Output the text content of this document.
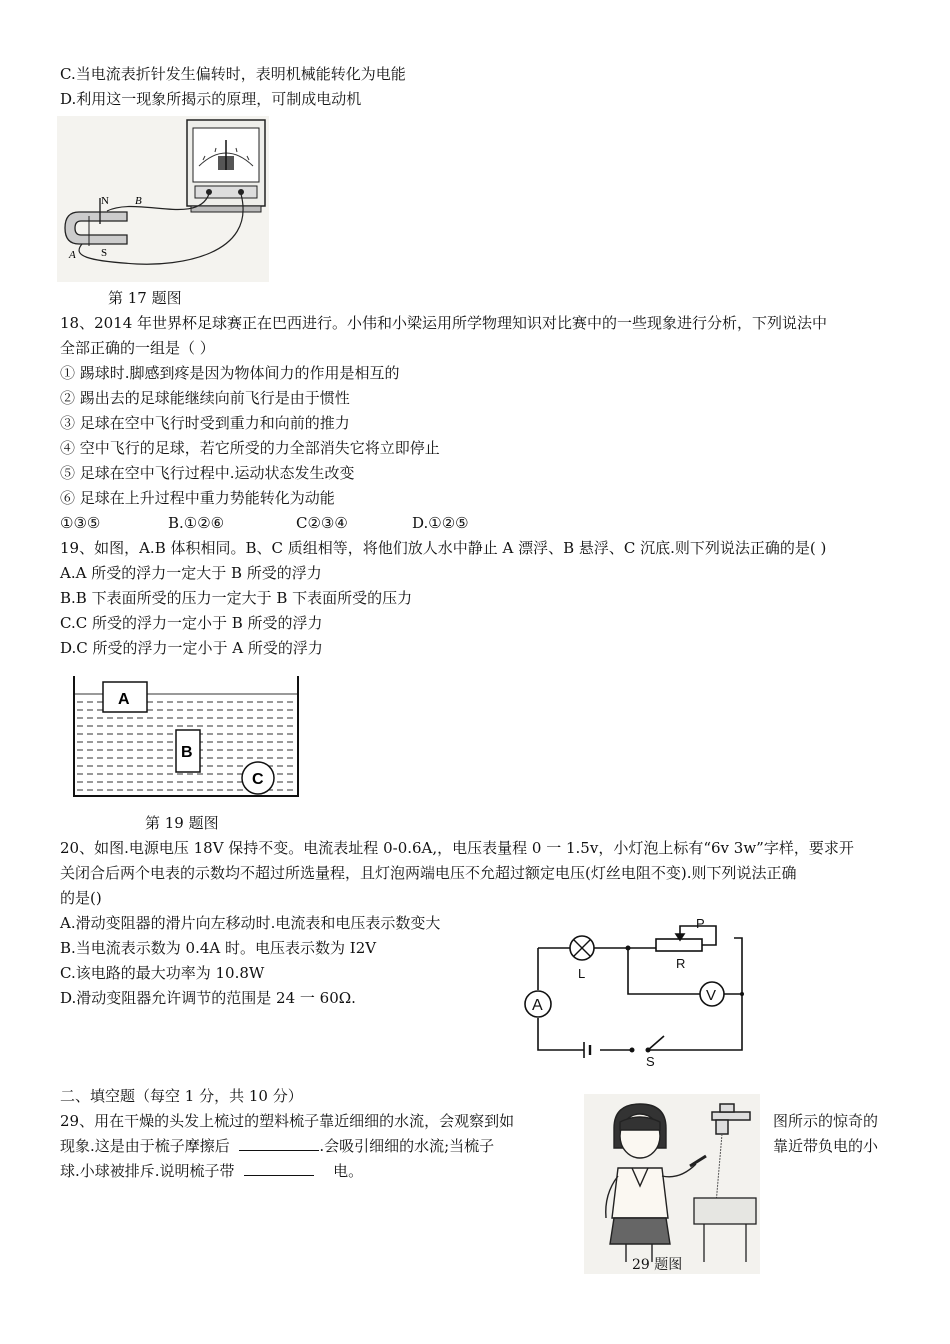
C.当电流表折针发生偏转时，表明机械能转化为电能
D.利用这一现象所揭示的原理，可制成电动机
N B
A S
第 17 题图
18、2014 年世界杯足球赛正在巴西进行。小伟和小梁运用所学物理知识对比赛中的一些现象进行分析，下列说法中
全部正确的一组是（ ）
① 踢球时.脚感到疼是因为物体间力的作用是相互的
② 踢出去的足球能继续向前飞行是由于惯性
③ 足球在空中飞行时受到重力和向前的推力
④ 空中飞行的足球，若它所受的力全部消失它将立即停止
⑤ 足球在空中飞行过程中.运动状态发生改变
⑥ 足球在上升过程中重力势能转化为动能
①③⑤	B.①②⑥	C②③④	D.①②⑤
19、如图，A.B 体积相同。B、C 质组相等，将他们放人水中静止 A 漂浮、B 悬浮、C 沉底.则下列说法正确的是( )
A.A 所受的浮力一定大于 B 所受的浮力
B.B 下表面所受的压力一定大于 B 下表面所受的压力
C.C 所受的浮力一定小于 B 所受的浮力
D.C 所受的浮力一定小于 A 所受的浮力
A
B
C
第 19 题图
20、如图.电源电压 18V 保持不变。电流表址程 0-0.6A,，电压表量程 0 一 1.5v，小灯泡上标有“6v 3w”字样，要求开
关闭合后两个电表的示数均不超过所选量程，且灯泡两端电压不允超过额定电压(灯丝电阻不变).则下列说法正确
的是()
A.滑动变阻器的滑片向左移动时.电流表和电压表示数变大
B.当电流表示数为 0.4A 时。电压表示数为 I2V
C.该电路的最大功率为 10.8W
D.滑动变阻器允许调节的范围是 24 一 60Ω.	A
V
P
L
R
S
二、填空题（每空 1 分，共 10 分）
29、用在干燥的头发上梳过的塑料梳子靠近细细的水流，会观察到如
现象.这是由于梳子摩擦后	.会吸引细细的水流;当梳子
球.小球被排斥.说明梳子带	电。
图所示的惊奇的
靠近带负电的小
29 题图
